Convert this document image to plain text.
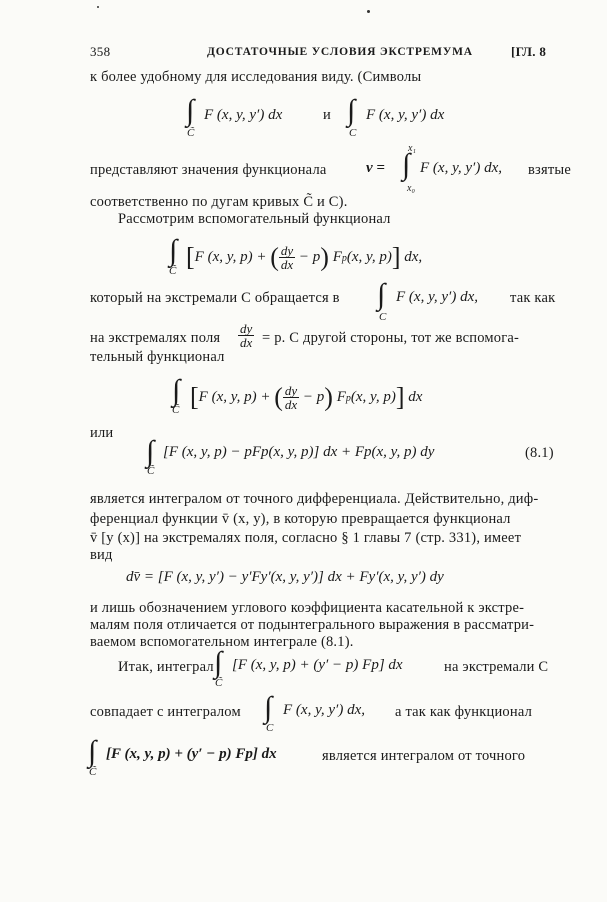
358	ДОСТАТОЧНЫЕ УСЛОВИЯ ЭКСТРЕМУМА	[ГЛ. 8
к более удобному для исследования виду. (Символы
∫ F (x, y, y′) dx
C̃
и ∫ F (x, y, y′) dx
C
представляют значения функционала	v =
x₁
∫
x₀
F (x, y, y′) dx, взятые
соответственно по дугам кривых C̃ и C).
Рассмотрим вспомогательный функционал
∫
C̃ [F (x, y, p) + ( $\frac{dy}{dx} - p$) Fp(x, y, p)] dx,
который на экстремали C обращается в ∫
C
F (x, y, y′) dx, так как
на экстремалях поля $\frac{dy}{dx} = p$. С другой стороны, тот же вспомога-
тельный функционал
∫
C̃ [F (x, y, p) + ( $\frac{dy}{dx} - p$) Fp(x, y, p)] dx
или
∫
C̃
[F (x, y, p) − pFp(x, y, p)] dx + Fp(x, y, p) dy	(8.1)
является интегралом от точного дифференциала. Действительно, диф-
ференциал функции v̄ (x, y), в которую превращается функционал
v̄ [y (x)] на экстремалях поля, согласно § 1 главы 7 (стр. 331), имеет
вид
dv̄ = [F (x, y, y′) − y′Fy′(x, y, y′)] dx + Fy′(x, y, y′) dy
и лишь обозначением углового коэффициента касательной к экстре-
малям поля отличается от подынтегрального выражения в рассматри-
ваемом вспомогательном интеграле (8.1).
Итак, интеграл ∫
C̃
[F (x, y, p) + (y′ − p) Fp] dx	на экстремали C
совпадает с интегралом ∫
C
F (x, y, y′) dx, а так как функционал
∫
C̃
[F (x, y, p) + (y′ − p) Fp] dx	является интегралом от точного
